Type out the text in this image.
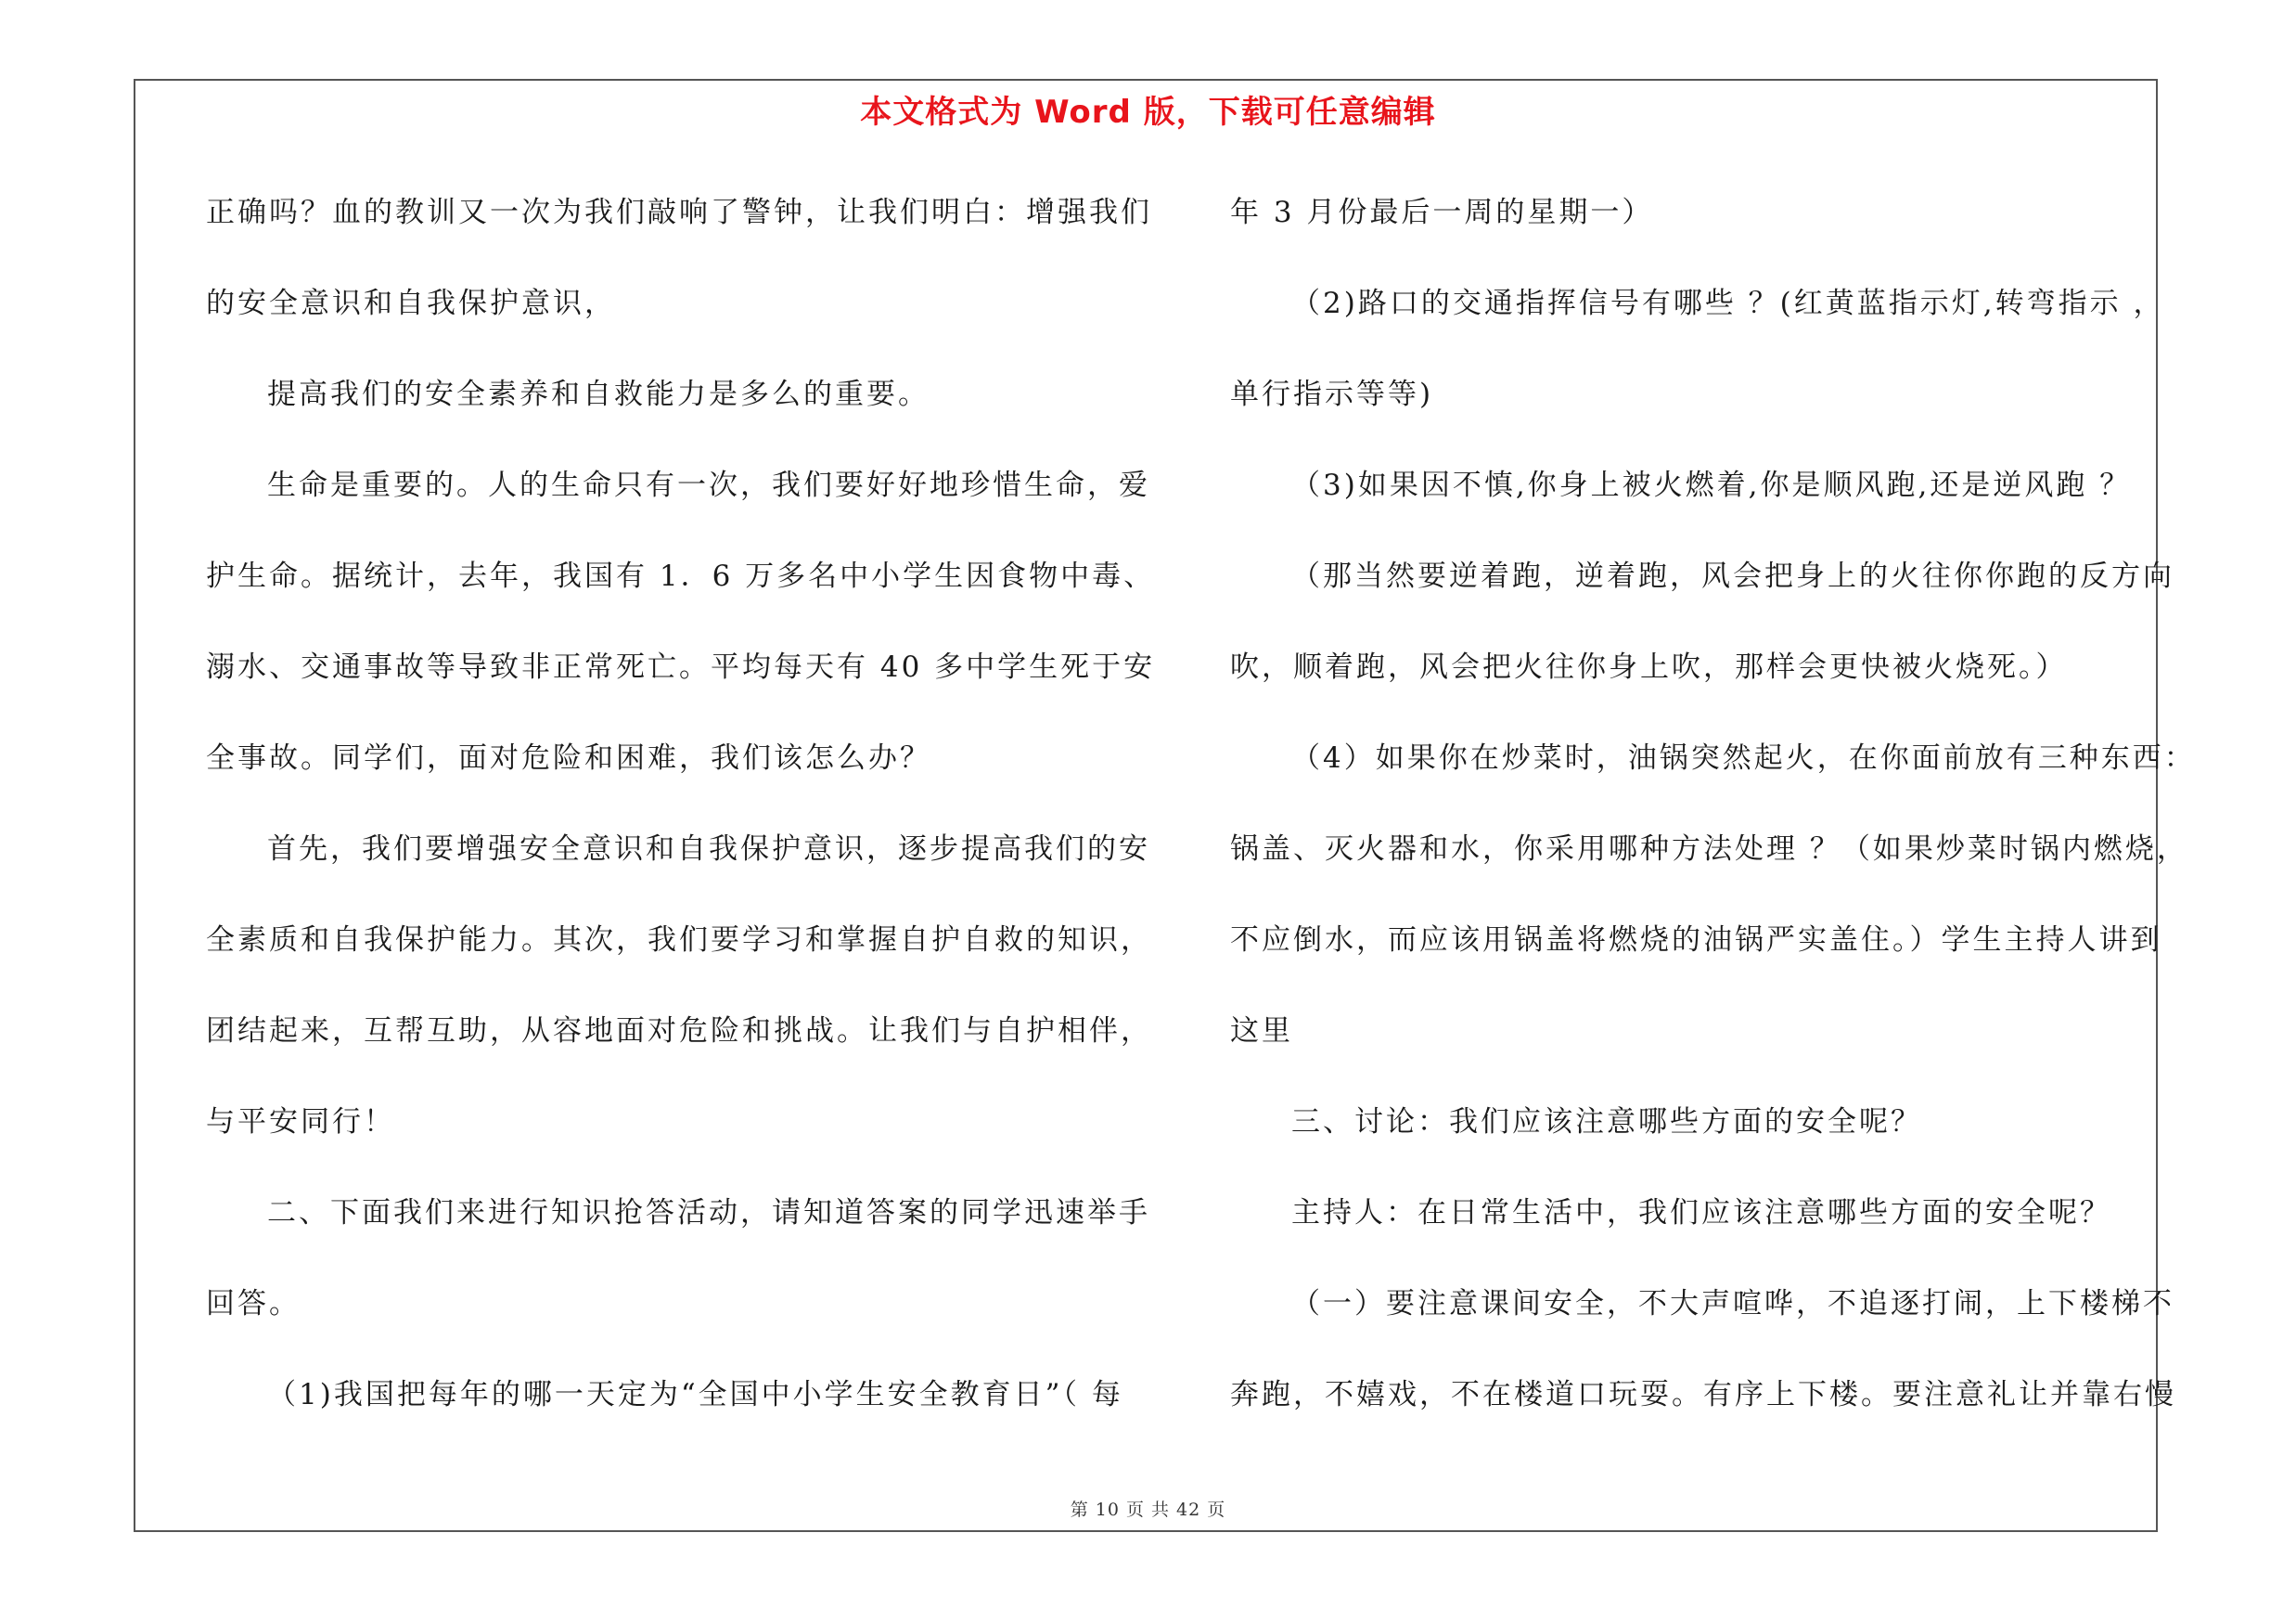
本文格式为 Word 版，下载可任意编辑
正确吗？血的教训又一次为我们敲响了警钟，让我们明白：增强我们
的安全意识和自我保护意识，
提高我们的安全素养和自救能力是多么的重要。
生命是重要的。人的生命只有一次，我们要好好地珍惜生命，爱
护生命。据统计，去年，我国有 1．6 万多名中小学生因食物中毒、
溺水、交通事故等导致非正常死亡。平均每天有 40 多中学生死于安
全事故。同学们，面对危险和困难，我们该怎么办？
首先，我们要增强安全意识和自我保护意识，逐步提高我们的安
全素质和自我保护能力。其次，我们要学习和掌握自护自救的知识，
团结起来，互帮互助，从容地面对危险和挑战。让我们与自护相伴，
与平安同行！
二、下面我们来进行知识抢答活动，请知道答案的同学迅速举手
回答。
（1)我国把每年的哪一天定为“全国中小学生安全教育日”（ 每
年 3 月份最后一周的星期一）
（2)路口的交通指挥信号有哪些 ？(红黄蓝指示灯,转弯指示 ，
单行指示等等)
（3)如果因不慎,你身上被火燃着,你是顺风跑,还是逆风跑 ？
（那当然要逆着跑，逆着跑，风会把身上的火往你你跑的反方向
吹，顺着跑，风会把火往你身上吹，那样会更快被火烧死。）
（4）如果你在炒菜时，油锅突然起火，在你面前放有三种东西：
锅盖、灭火器和水，你采用哪种方法处理 ？（如果炒菜时锅内燃烧，
不应倒水，而应该用锅盖将燃烧的油锅严实盖住。）学生主持人讲到
这里
三、讨论：我们应该注意哪些方面的安全呢？
主持人：在日常生活中，我们应该注意哪些方面的安全呢？
（一）要注意课间安全，不大声喧哗，不追逐打闹，上下楼梯不
奔跑，不嬉戏，不在楼道口玩耍。有序上下楼。要注意礼让并靠右慢
第 10 页 共 42 页
